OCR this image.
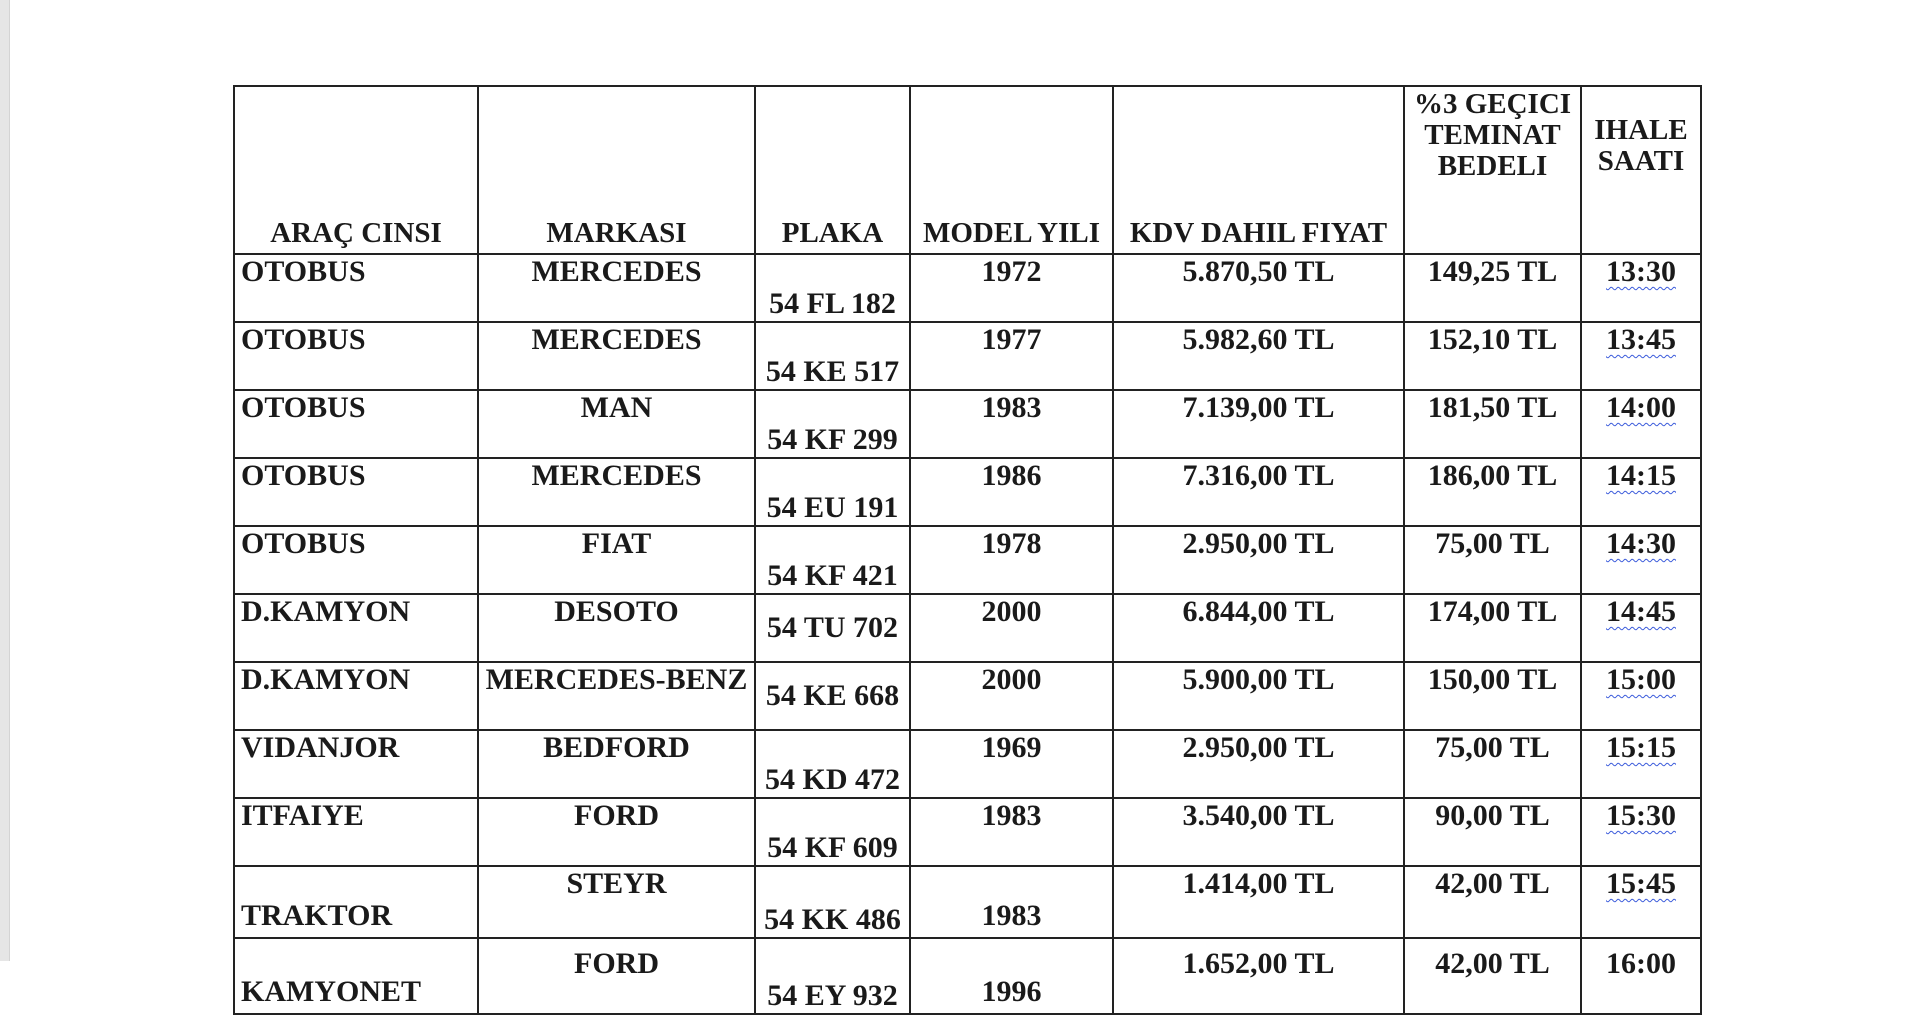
ARAÇ CINSI	MARKASI	PLAKA	MODEL YILI	KDV DAHIL FIYAT	%3 GEÇICI TEMINAT BEDELI	IHALE SAATI
OTOBUS	MERCEDES	54 FL 182	1972	5.870,50 TL	149,25 TL	13:30
OTOBUS	MERCEDES	54 KE 517	1977	5.982,60 TL	152,10 TL	13:45
OTOBUS	MAN	54 KF 299	1983	7.139,00 TL	181,50 TL	14:00
OTOBUS	MERCEDES	54 EU 191	1986	7.316,00 TL	186,00 TL	14:15
OTOBUS	FIAT	54 KF 421	1978	2.950,00 TL	75,00 TL	14:30
D.KAMYON	DESOTO	54 TU 702	2000	6.844,00 TL	174,00 TL	14:45
D.KAMYON	MERCEDES-BENZ	54 KE 668	2000	5.900,00 TL	150,00 TL	15:00
VIDANJOR	BEDFORD	54 KD 472	1969	2.950,00 TL	75,00 TL	15:15
ITFAIYE	FORD	54 KF 609	1983	3.540,00 TL	90,00 TL	15:30
TRAKTOR	STEYR	54 KK 486	1983	1.414,00 TL	42,00 TL	15:45
KAMYONET	FORD	54 EY 932	1996	1.652,00 TL	42,00 TL	16:00
